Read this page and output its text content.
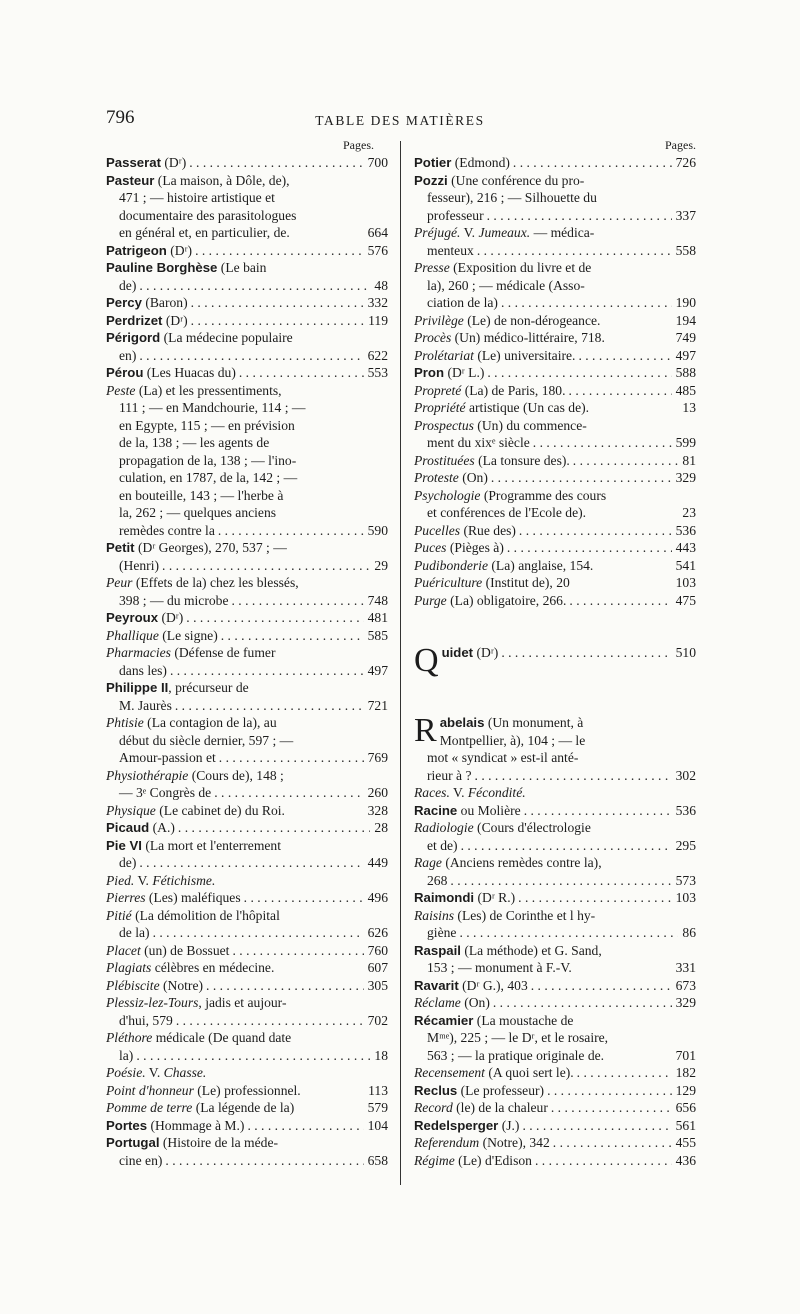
796	TABLE DES MATIÈRES
Pages.
Passerat (Dʳ)	700
. . .
Pasteur (La maison, à Dôle, de),
471 ; — histoire artistique et
documentaire des parasitologues
en général et, en particulier, de.	664
Patrigeon (Dʳ)	576
. . .
Pauline Borghèse (Le bain
de)	48
. . .
Percy (Baron)	332
. . .
Perdrizet (Dʳ)	119
. . .
Périgord (La médecine populaire
en)	622
. . .
Pérou (Les Huacas du)	553
. . .
Peste (La) et les pressentiments,
111 ; — en Mandchourie, 114 ; —
en Egypte, 115 ; — en prévision
de la, 138 ; — les agents de
propagation de la, 138 ; — l'ino-
culation, en 1787, de la, 142 ; —
en bouteille, 143 ; — l'herbe à
la, 262 ; — quelques anciens
remèdes contre la	590
. . .
Petit (Dʳ Georges), 270, 537 ; —
(Henri)	29
. . .
Peur (Effets de la) chez les blessés,
398 ; — du microbe	748
. . .
Peyroux (Dʳ)	481
. . .
Phallique (Le signe)	585
. . .
Pharmacies (Défense de fumer
dans les)	497
. . .
Philippe II, précurseur de
M. Jaurès	721
. . .
Phtisie (La contagion de la), au
début du siècle dernier, 597 ; —
Amour-passion et	769
. . .
Physiothérapie (Cours de), 148 ;
— 3ᵉ Congrès de	260
. . .
Physique (Le cabinet de) du Roi.	328
Picaud (A.)	28
. . .
Pie VI (La mort et l'enterrement
de)	449
. . .
Pied. V. Fétichisme.
Pierres (Les) maléfiques	496
. . .
Pitié (La démolition de l'hôpital
de la)	626
. . .
Placet (un) de Bossuet	760
. . .
Plagiats célèbres en médecine.	607
Plébiscite (Notre)	305
. . .
Plessiz-lez-Tours, jadis et aujour-
d'hui, 579	702
. . .
Pléthore médicale (De quand date
la)	18
. . .
Poésie. V. Chasse.
Point d'honneur (Le) professionnel.	113
Pomme de terre (La légende de la)	579
Portes (Hommage à M.)	104
. . .
Portugal (Histoire de la méde-
cine en)	658
. . .
Pages.
Potier (Edmond)	726
. . .
Pozzi (Une conférence du pro-
fesseur), 216 ; — Silhouette du
professeur	337
. . .
Préjugé. V. Jumeaux. — médica-
menteux	558
. . .
Presse (Exposition du livre et de
la), 260 ; — médicale (Asso-
ciation de la)	190
. . .
Privilège (Le) de non-dérogeance.	194
Procès (Un) médico-littéraire, 718.	749
Prolétariat (Le) universitaire.	497
. . .
Pron (Dʳ L.)	588
. . .
Propreté (La) de Paris, 180.	485
. . .
Propriété artistique (Un cas de).	13
Prospectus (Un) du commence-
ment du xixᵉ siècle	599
. . .
Prostituées (La tonsure des).	81
. . .
Proteste (On)	329
. . .
Psychologie (Programme des cours
et conférences de l'Ecole de).	23
Pucelles (Rue des)	536
. . .
Puces (Pièges à)	443
. . .
Pudibonderie (La) anglaise, 154.	541
Puériculture (Institut de), 20	103
Purge (La) obligatoire, 266.	475
. . .
Q uidet (Dʳ)	510
. . .
R abelais (Un monument, à
Montpellier, à), 104 ; — le
mot « syndicat » est-il anté-
rieur à ?	302
. . .
Races. V. Fécondité.
Racine ou Molière	536
. . .
Radiologie (Cours d'électrologie
et de)	295
. . .
Rage (Anciens remèdes contre la),
268	573
. . .
Raimondi (Dʳ R.)	103
. . .
Raisins (Les) de Corinthe et l hy-
giène	86
. . .
Raspail (La méthode) et G. Sand,
153 ; — monument à F.-V.	331
Ravarit (Dʳ G.), 403	673
. . .
Réclame (On)	329
. . .
Récamier (La moustache de
Mᵐᵉ), 225 ; — le Dʳ, et le rosaire,
563 ; — la pratique originale de.	701
Recensement (A quoi sert le).	182
. . .
Reclus (Le professeur)	129
. . .
Record (le) de la chaleur	656
. . .
Redelsperger (J.)	561
. . .
Referendum (Notre), 342	455
. . .
Régime (Le) d'Edison	436
. . .
